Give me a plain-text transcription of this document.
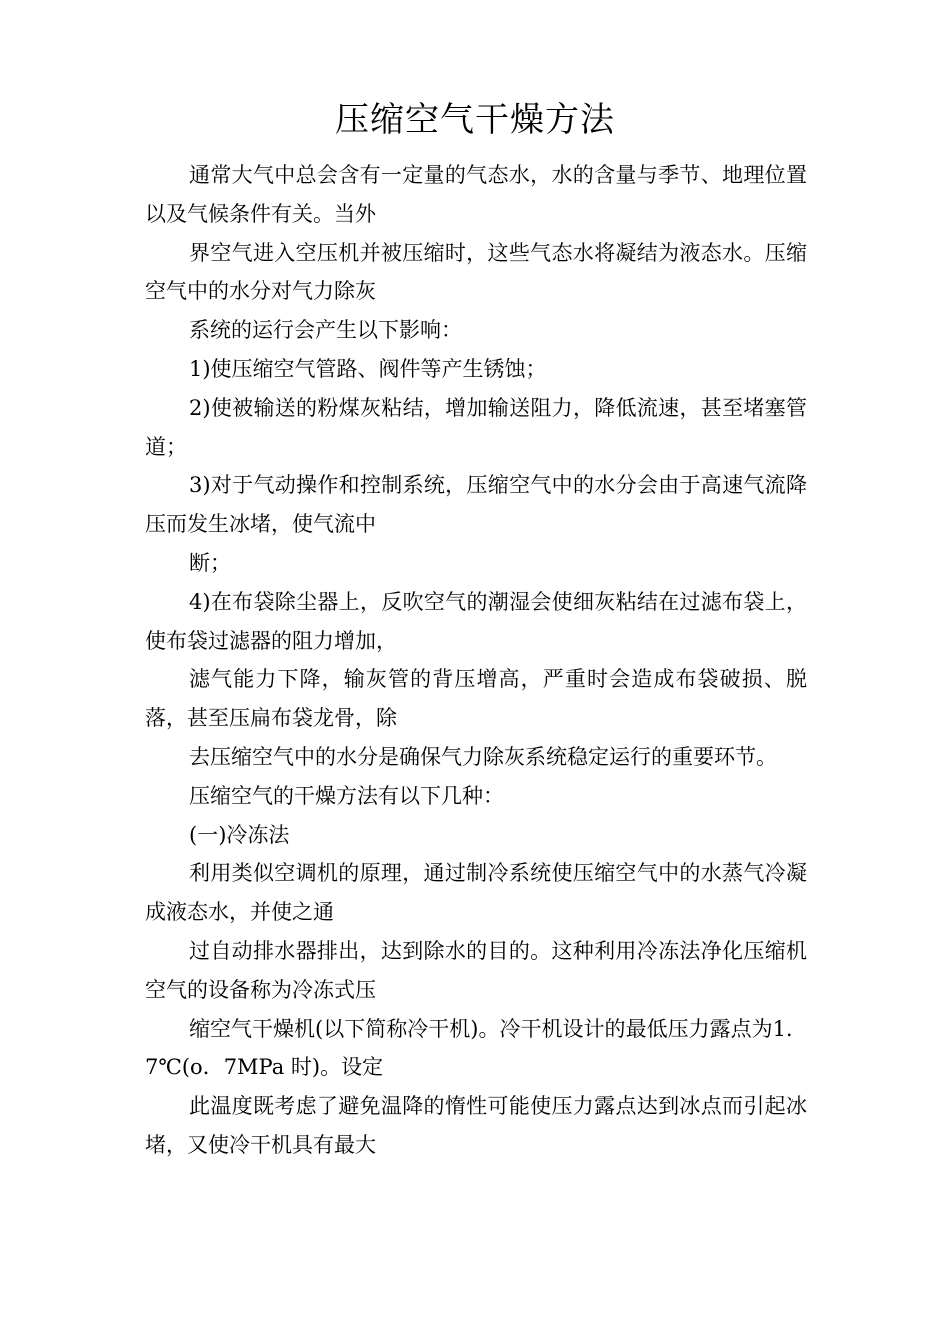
压缩空气干燥方法

通常大气中总会含有一定量的气态水，水的含量与季节、地理位置以及气候条件有关。当外

界空气进入空压机并被压缩时，这些气态水将凝结为液态水。压缩空气中的水分对气力除灰

系统的运行会产生以下影响：

1)使压缩空气管路、阀件等产生锈蚀；

2)使被输送的粉煤灰粘结，增加输送阻力，降低流速，甚至堵塞管道；

3)对于气动操作和控制系统，压缩空气中的水分会由于高速气流降压而发生冰堵，使气流中

断；

4)在布袋除尘器上，反吹空气的潮湿会使细灰粘结在过滤布袋上，使布袋过滤器的阻力增加，

滤气能力下降，输灰管的背压增高，严重时会造成布袋破损、脱落，甚至压扁布袋龙骨，除

去压缩空气中的水分是确保气力除灰系统稳定运行的重要环节。

压缩空气的干燥方法有以下几种：

(一)冷冻法

利用类似空调机的原理，通过制冷系统使压缩空气中的水蒸气冷凝成液态水，并使之通

过自动排水器排出，达到除水的目的。这种利用冷冻法净化压缩机空气的设备称为冷冻式压

缩空气干燥机(以下简称冷干机)。冷干机设计的最低压力露点为1．7℃(o．7MPa 时)。设定

此温度既考虑了避免温降的惰性可能使压力露点达到冰点而引起冰堵，又使冷干机具有最大
